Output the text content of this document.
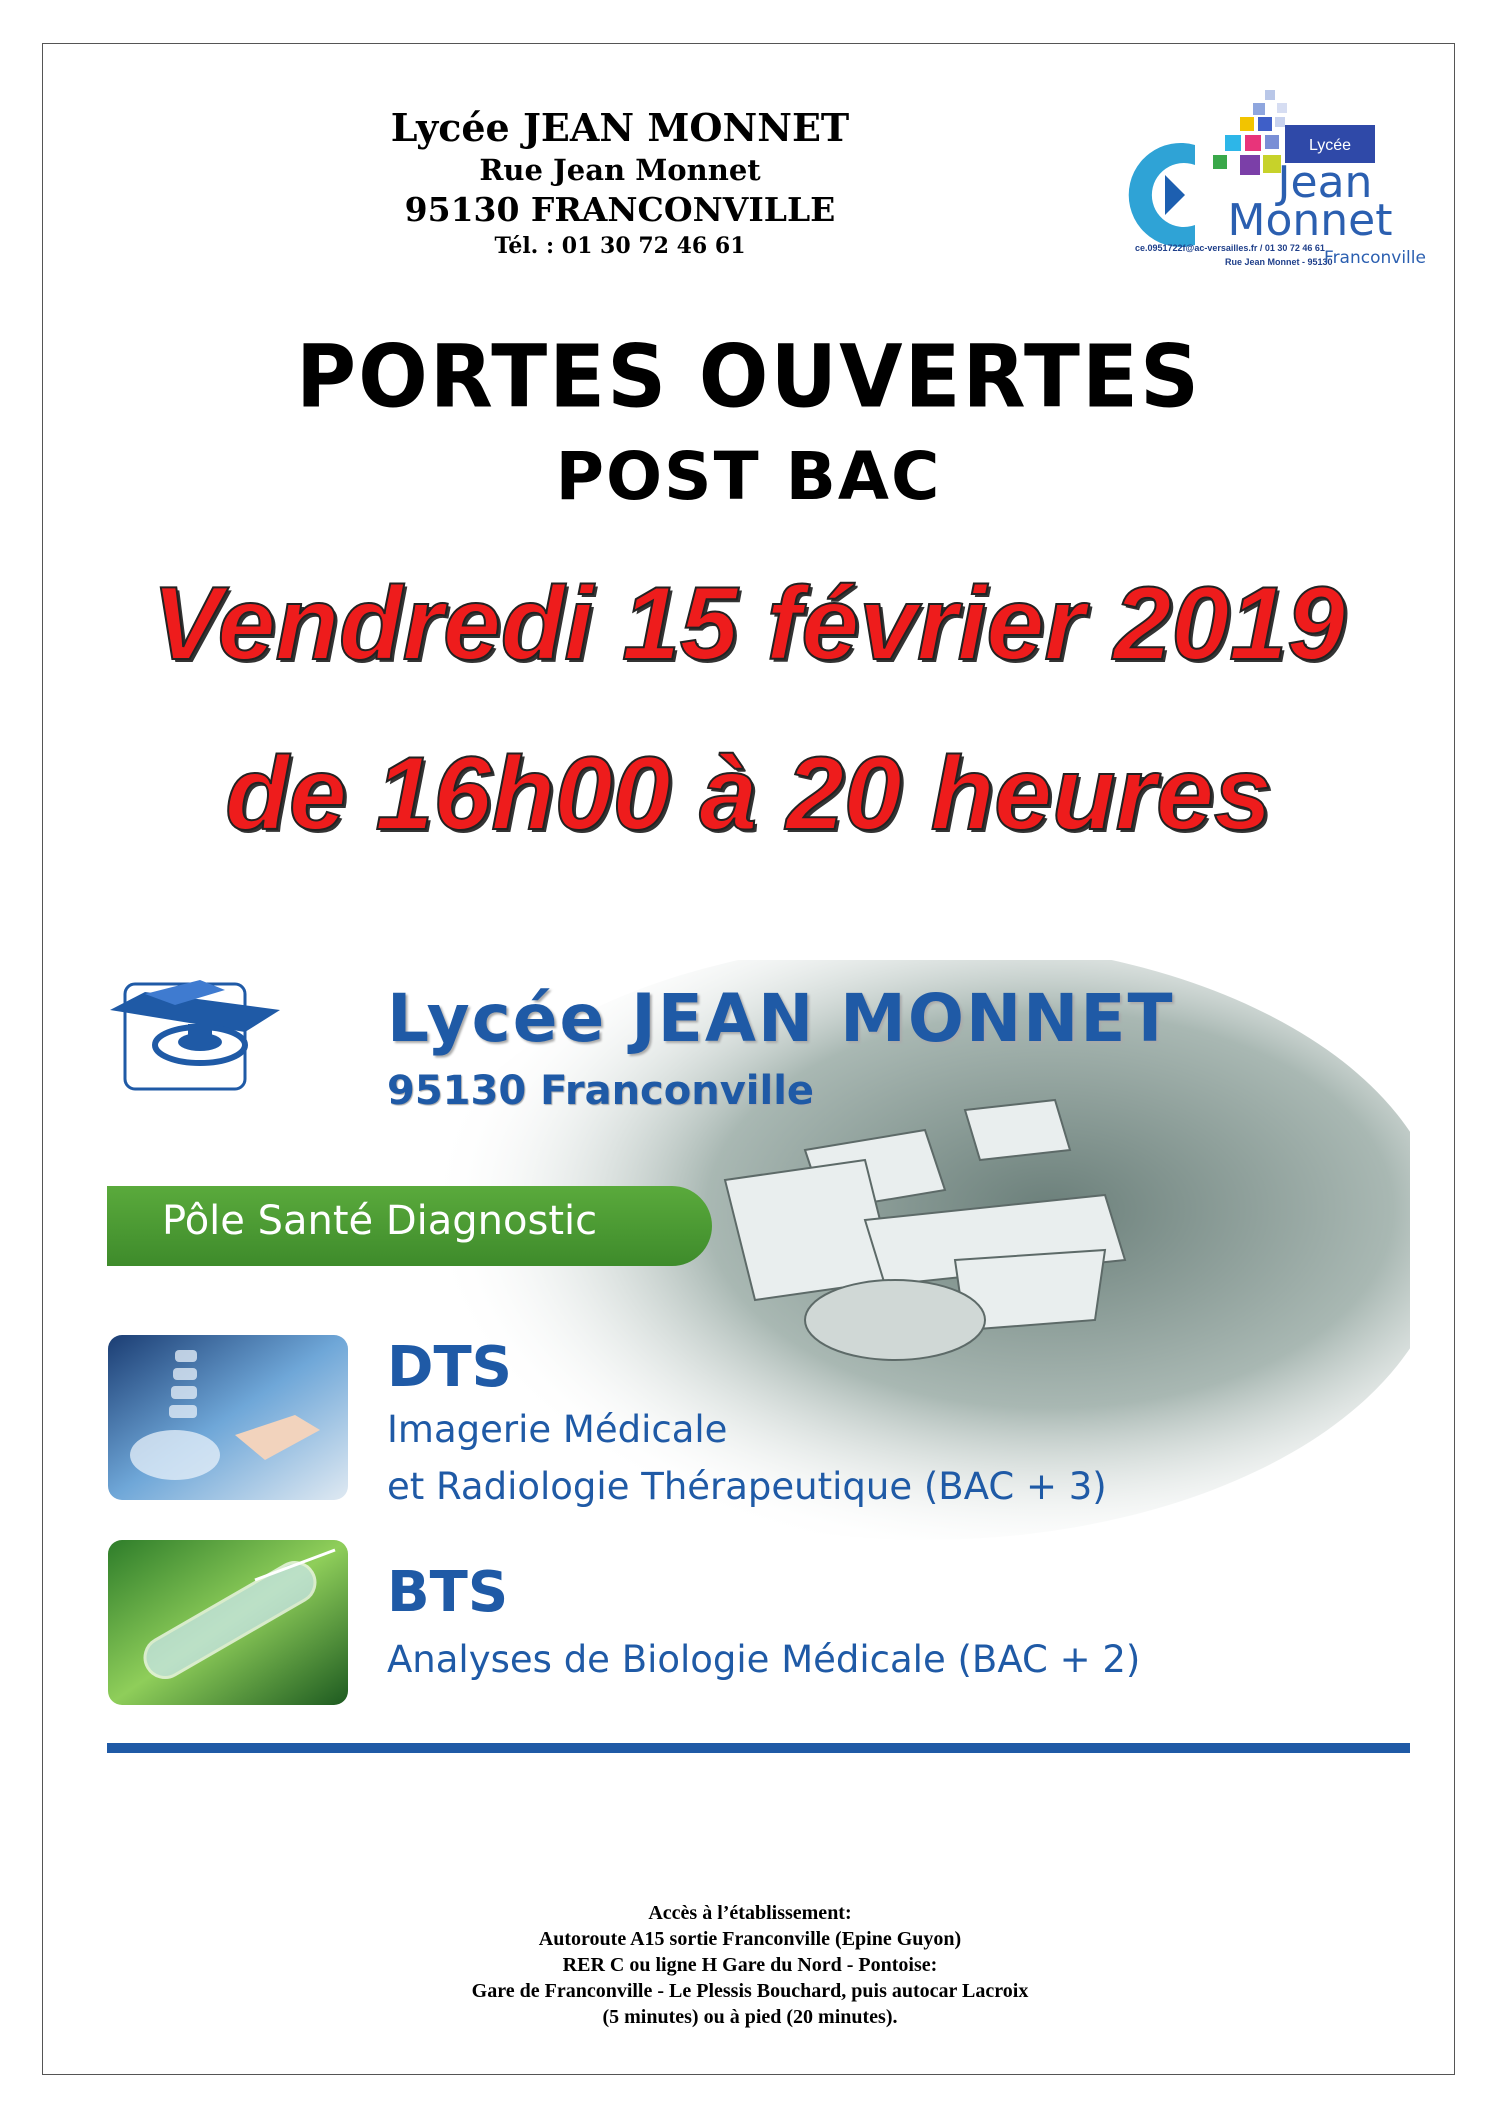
Lycée JEAN MONNET
Rue Jean Monnet
95130 FRANCONVILLE
Tél. : 01 30 72 46 61
Lycée
Jean
Monnet
ce.0951722f@ac-versailles.fr / 01 30 72 46 61
Rue Jean Monnet - 95130
Franconville
PORTES OUVERTES
POST BAC
Vendredi 15 février 2019
de 16h00 à 20 heures
Lycée JEAN MONNET
95130 Franconville
Pôle Santé Diagnostic
DTS
Imagerie Médicale
et Radiologie Thérapeutique (BAC + 3)
BTS
Analyses de Biologie Médicale (BAC + 2)
Accès à l’établissement:
Autoroute A15 sortie Franconville (Epine Guyon)
RER C ou ligne H Gare du Nord - Pontoise:
Gare de Franconville - Le Plessis Bouchard, puis autocar Lacroix
(5 minutes) ou à pied (20 minutes).
